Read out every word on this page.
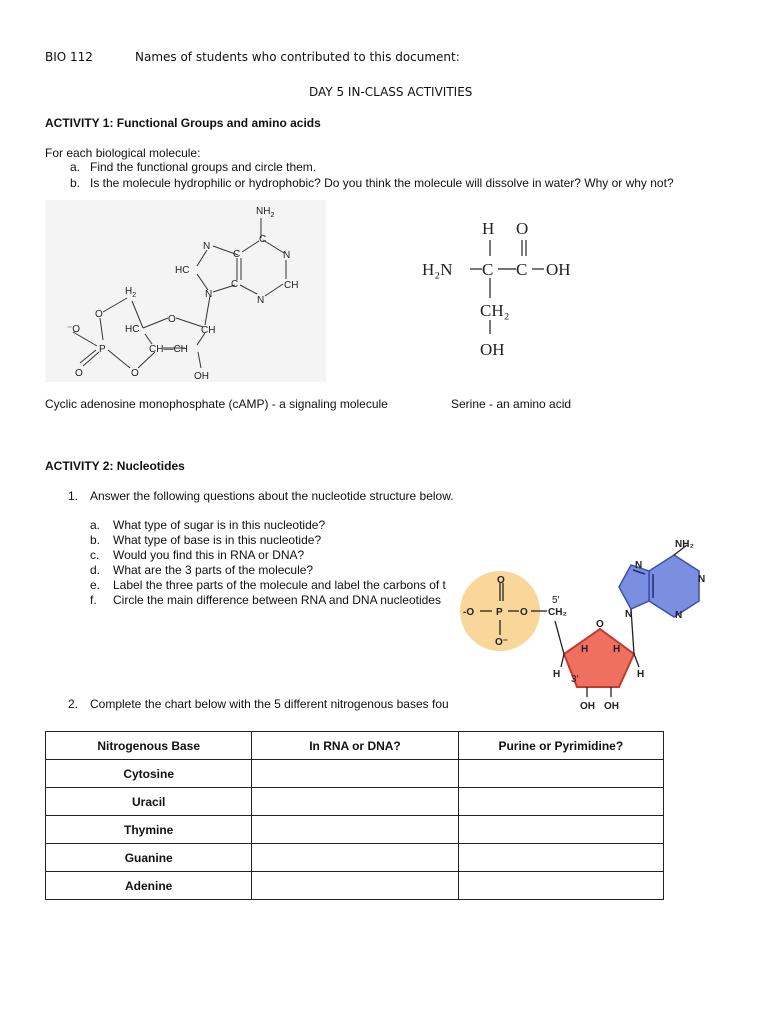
BIO 112	Names of students who contributed to this document:
DAY 5 IN-CLASS ACTIVITIES
ACTIVITY 1: Functional Groups and amino acids
For each biological molecule:
a. Find the functional groups and circle them.
b. Is the molecule hydrophilic or hydrophobic? Do you think the molecule will dissolve in water? Why or why not?
$NH_2$
N
C
C
N
CH
HC
C
N
N
$H_2$
O	O
HC	CH
⁻O
P	CH—CH
O	O	OH
H O
H₂N C C OH
CH₂
OH
Cyclic adenosine monophosphate (cAMP) - a signaling molecule	Serine - an amino acid
ACTIVITY 2: Nucleotides
1. Answer the following questions about the nucleotide structure below.
a. What type of sugar is in this nucleotide?
b. What type of base is in this nucleotide?
c. Would you find this in RNA or DNA?
d. What are the 3 parts of the molecule?
e. Label the three parts of the molecule and label the carbons of t
f. Circle the main difference between RNA and DNA nucleotides
2. Complete the chart below with the 5 different nitrogenous bases fou
NH₂
N
N
N
N
O
P
-O	O
O⁻
5′
CH₂
O
H H
H	H
3′
OH OH
Nitrogenous Base	In RNA or DNA?	Purine or Pyrimidine?
Cytosine		
Uracil		
Thymine		
Guanine		
Adenine		
